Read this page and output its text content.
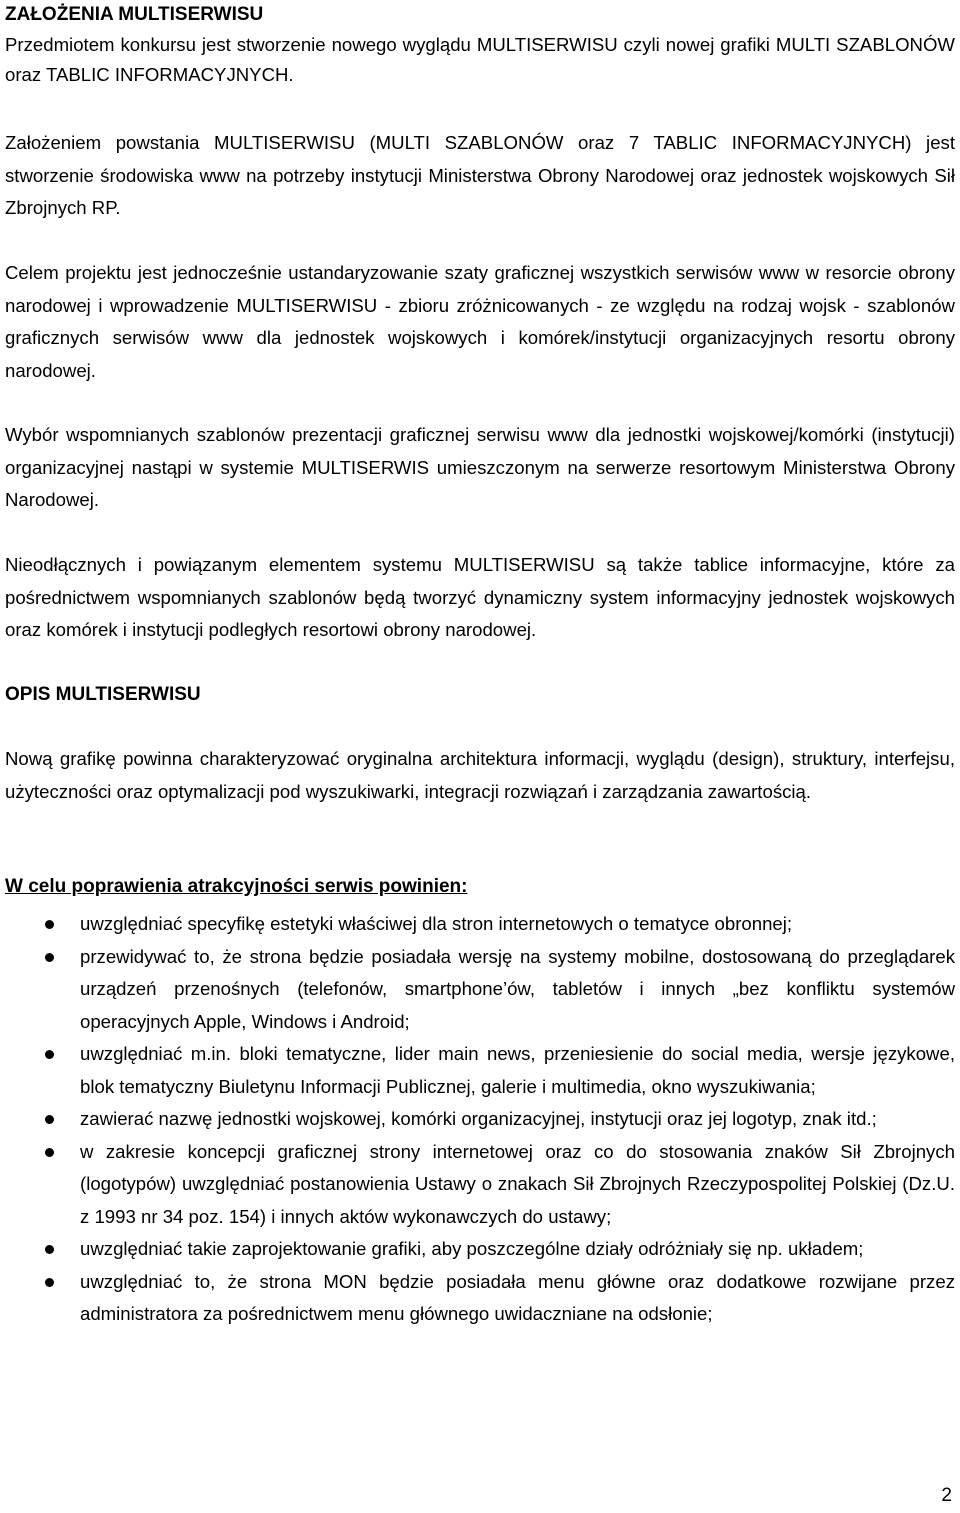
ZAŁOŻENIA MULTISERWISU

Przedmiotem konkursu jest stworzenie nowego wyglądu MULTISERWISU czyli nowej grafiki MULTI SZABLONÓW oraz TABLIC INFORMACYJNYCH.

Założeniem powstania MULTISERWISU (MULTI SZABLONÓW oraz 7 TABLIC INFORMACYJNYCH) jest stworzenie środowiska www na potrzeby instytucji Ministerstwa Obrony Narodowej oraz jednostek wojskowych Sił Zbrojnych RP.

Celem projektu jest jednocześnie ustandaryzowanie szaty graficznej wszystkich serwisów www w resorcie obrony narodowej i wprowadzenie MULTISERWISU - zbioru zróżnicowanych - ze względu na rodzaj wojsk - szablonów graficznych serwisów www dla jednostek wojskowych i komórek/instytucji organizacyjnych resortu obrony narodowej.

Wybór wspomnianych szablonów prezentacji graficznej serwisu www dla jednostki wojskowej/komórki (instytucji) organizacyjnej nastąpi w systemie MULTISERWIS umieszczonym na serwerze resortowym Ministerstwa Obrony Narodowej.

Nieodłącznych i powiązanym elementem systemu MULTISERWISU są także tablice informacyjne, które za pośrednictwem wspomnianych szablonów będą tworzyć dynamiczny system informacyjny jednostek wojskowych oraz komórek i instytucji podległych resortowi obrony narodowej.

OPIS MULTISERWISU

Nową grafikę powinna charakteryzować oryginalna architektura informacji, wyglądu (design), struktury, interfejsu, użyteczności oraz optymalizacji pod wyszukiwarki, integracji rozwiązań i zarządzania zawartością.

W celu poprawienia atrakcyjności serwis powinien:
uwzględniać specyfikę estetyki właściwej dla stron internetowych o tematyce obronnej;
przewidywać to, że strona będzie posiadała wersję na systemy mobilne, dostosowaną do przeglądarek urządzeń przenośnych (telefonów, smartphone’ów, tabletów i innych „bez konfliktu systemów operacyjnych Apple, Windows i Android;
uwzględniać m.in. bloki tematyczne, lider main news, przeniesienie do social media, wersje językowe, blok tematyczny Biuletynu Informacji Publicznej, galerie i multimedia, okno wyszukiwania;
zawierać nazwę jednostki wojskowej, komórki organizacyjnej, instytucji oraz jej logotyp, znak itd.;
w zakresie koncepcji graficznej strony internetowej oraz co do stosowania znaków Sił Zbrojnych (logotypów) uwzględniać postanowienia Ustawy o znakach Sił Zbrojnych Rzeczypospolitej Polskiej (Dz.U. z 1993 nr 34 poz. 154) i innych aktów wykonawczych do ustawy;
uwzględniać takie zaprojektowanie grafiki, aby poszczególne działy odróżniały się np. układem;
uwzględniać to, że strona MON będzie posiadała menu główne oraz dodatkowe rozwijane przez administratora za pośrednictwem menu głównego uwidaczniane na odsłonie;
2
